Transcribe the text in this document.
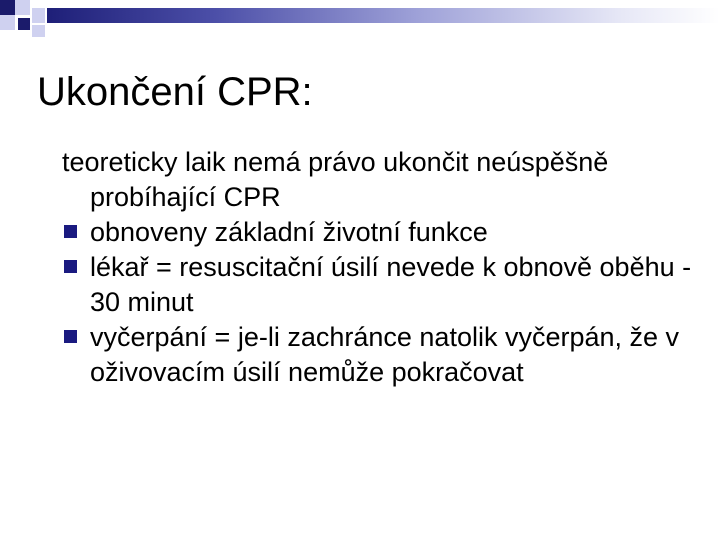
Ukončení CPR:

teoreticky laik nemá právo ukončit neúspěšně probíhající CPR

obnoveny základní životní funkce
lékař = resuscitační úsilí nevede k obnově oběhu - 30 minut
vyčerpání = je-li zachránce natolik vyčerpán, že v oživovacím úsilí nemůže pokračovat
